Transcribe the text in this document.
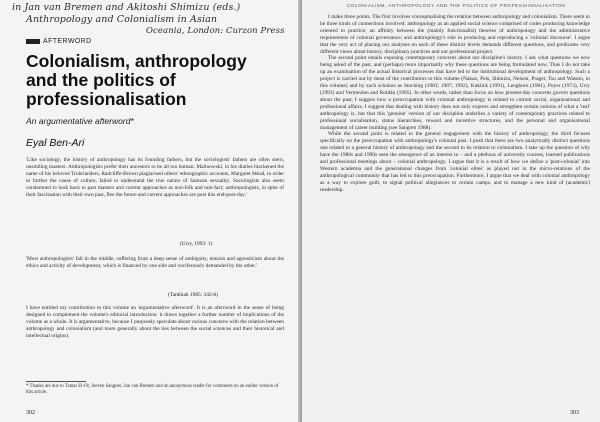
in Jan van Bremen and Akitoshi Shimizu (eds.)
Anthropology and Colonialism in Asian
Oceania, London: Curzon Press
AFTERWORD
Colonialism, anthropology and the politics of professionalisation
An argumentative afterword*
Eyal Ben-Ari

'Like sociology, the history of anthropology has its founding fathers, but the sociologists' fathers are often stern, unsmiling masters. Anthropologists prefer their ancestors to be all too human: Malinowski, in his diaries blackened the name of his beloved Trobrianders, Radcliffe-Brown plagiarised others' ethnographic accounts, Margaret Mead, in order to further the cause of culture, failed to understand the true nature of Samoan sexuality. Sociologists also seem condemned to look back to past masters and current approaches as non-folk and non-fact; anthropologists, in spite of their fascination with their own past, flee the future and current approaches are post this end-post-day.'

(Urry, 1993: 1)

'Most anthropologists' fall in the middle, suffering from a deep sense of ambiguity, tension and agnosticism about the ethics and activity of development, which is financed by one side and vociferously demanded by the other.'

(Tambiah 1985: 342-8)

I have entitled my contribution to this volume an 'argumentative afterword'. It is an afterword in the sense of being designed to complement the volume's editorial introduction: it draws together a further number of implications of the volume as a whole. It is argumentative, because I purposely speculate about various concerns with the relation between anthropology and colonialism (and more generally about the ties between the social sciences and their historical and intellectual origins).

* Thanks are due to Tamar El-Or, Steven Sangren, Jan van Bremen and an anonymous reader for comments on an earlier version of this article.

302
COLONIALISM, ANTHROPOLOGY AND THE POLITICS OF PROFESSIONALISATION

I make three points. The first involves conceptualising the relation between anthropology and colonialism. There seem to be three kinds of connections involved: anthropology as an applied social science comprised of codes producing knowledge oriented to practice; an affinity between the (mainly functionalist) theories of anthropology and the administrative requirements of colonial governance; and anthropology's role in producing and reproducing a 'colonial discourse'. I argue that the very act of placing our analyses on each of these distinct levels demands different questions, and predicates very different views about history, disciplinary practices and our professional project.

The second point entails exposing contemporary concerns about our discipline's history. I ask what questions we now being asked of the past, and (perhaps) more importantly why these questions are being formulated now. Thus I do not take up an examination of the actual historical processes that have led to the institutional development of anthropology. Such a project is carried out by most of the contributors to this volume (Nakao, Pels, Shimizu, Nelson, Prager, Tsu and Watson, in this volume) and by such scholars as Stocking (1983; 1987; 1992), Kuklick (1991), Lenghorn (1981), Poyer (1973), Urry (1993) and Vermeulen and Roldán (1995). In other words, rather than focus on how present-day concerns govern questions about the past, I suggest how a preoccupation with colonial anthropology is related to current social, organisational and professional affairs. I suggest that dealing with history does not only express and strengthen certain notions of what a 'real' anthropology is, but that this 'genuine' version of our discipline underlies a variety of contemporary practices related to professional socialisation, status hierarchies, reward and incentive structures, and the personal and organisational management of career building (see Sangren 1988).

While the second point is related to the general engagement with the history of anthropology, the third focuses specifically on the preoccupation with anthropology's colonial past. I posit that there are two analytically distinct questions one related to a general history of anthropology and the second to its relation to colonialism. I take up the question of why have the 1980s and 1990s seen the emergence of an interest in – and a plethora of university courses, learned publications and professional meetings about – colonial anthropology. I argue that it is a result of how we define a 'post-colonial' into Western academia and the generational changes from 'colonial elites' as played out in the micro-relations of the anthropological community that has led to this preoccupation. Furthermore, I argue that we deal with colonial anthropology as a way to explore guilt, to signal political allegiances to certain camps, and to manage a new kind of (academic) readership.

303
